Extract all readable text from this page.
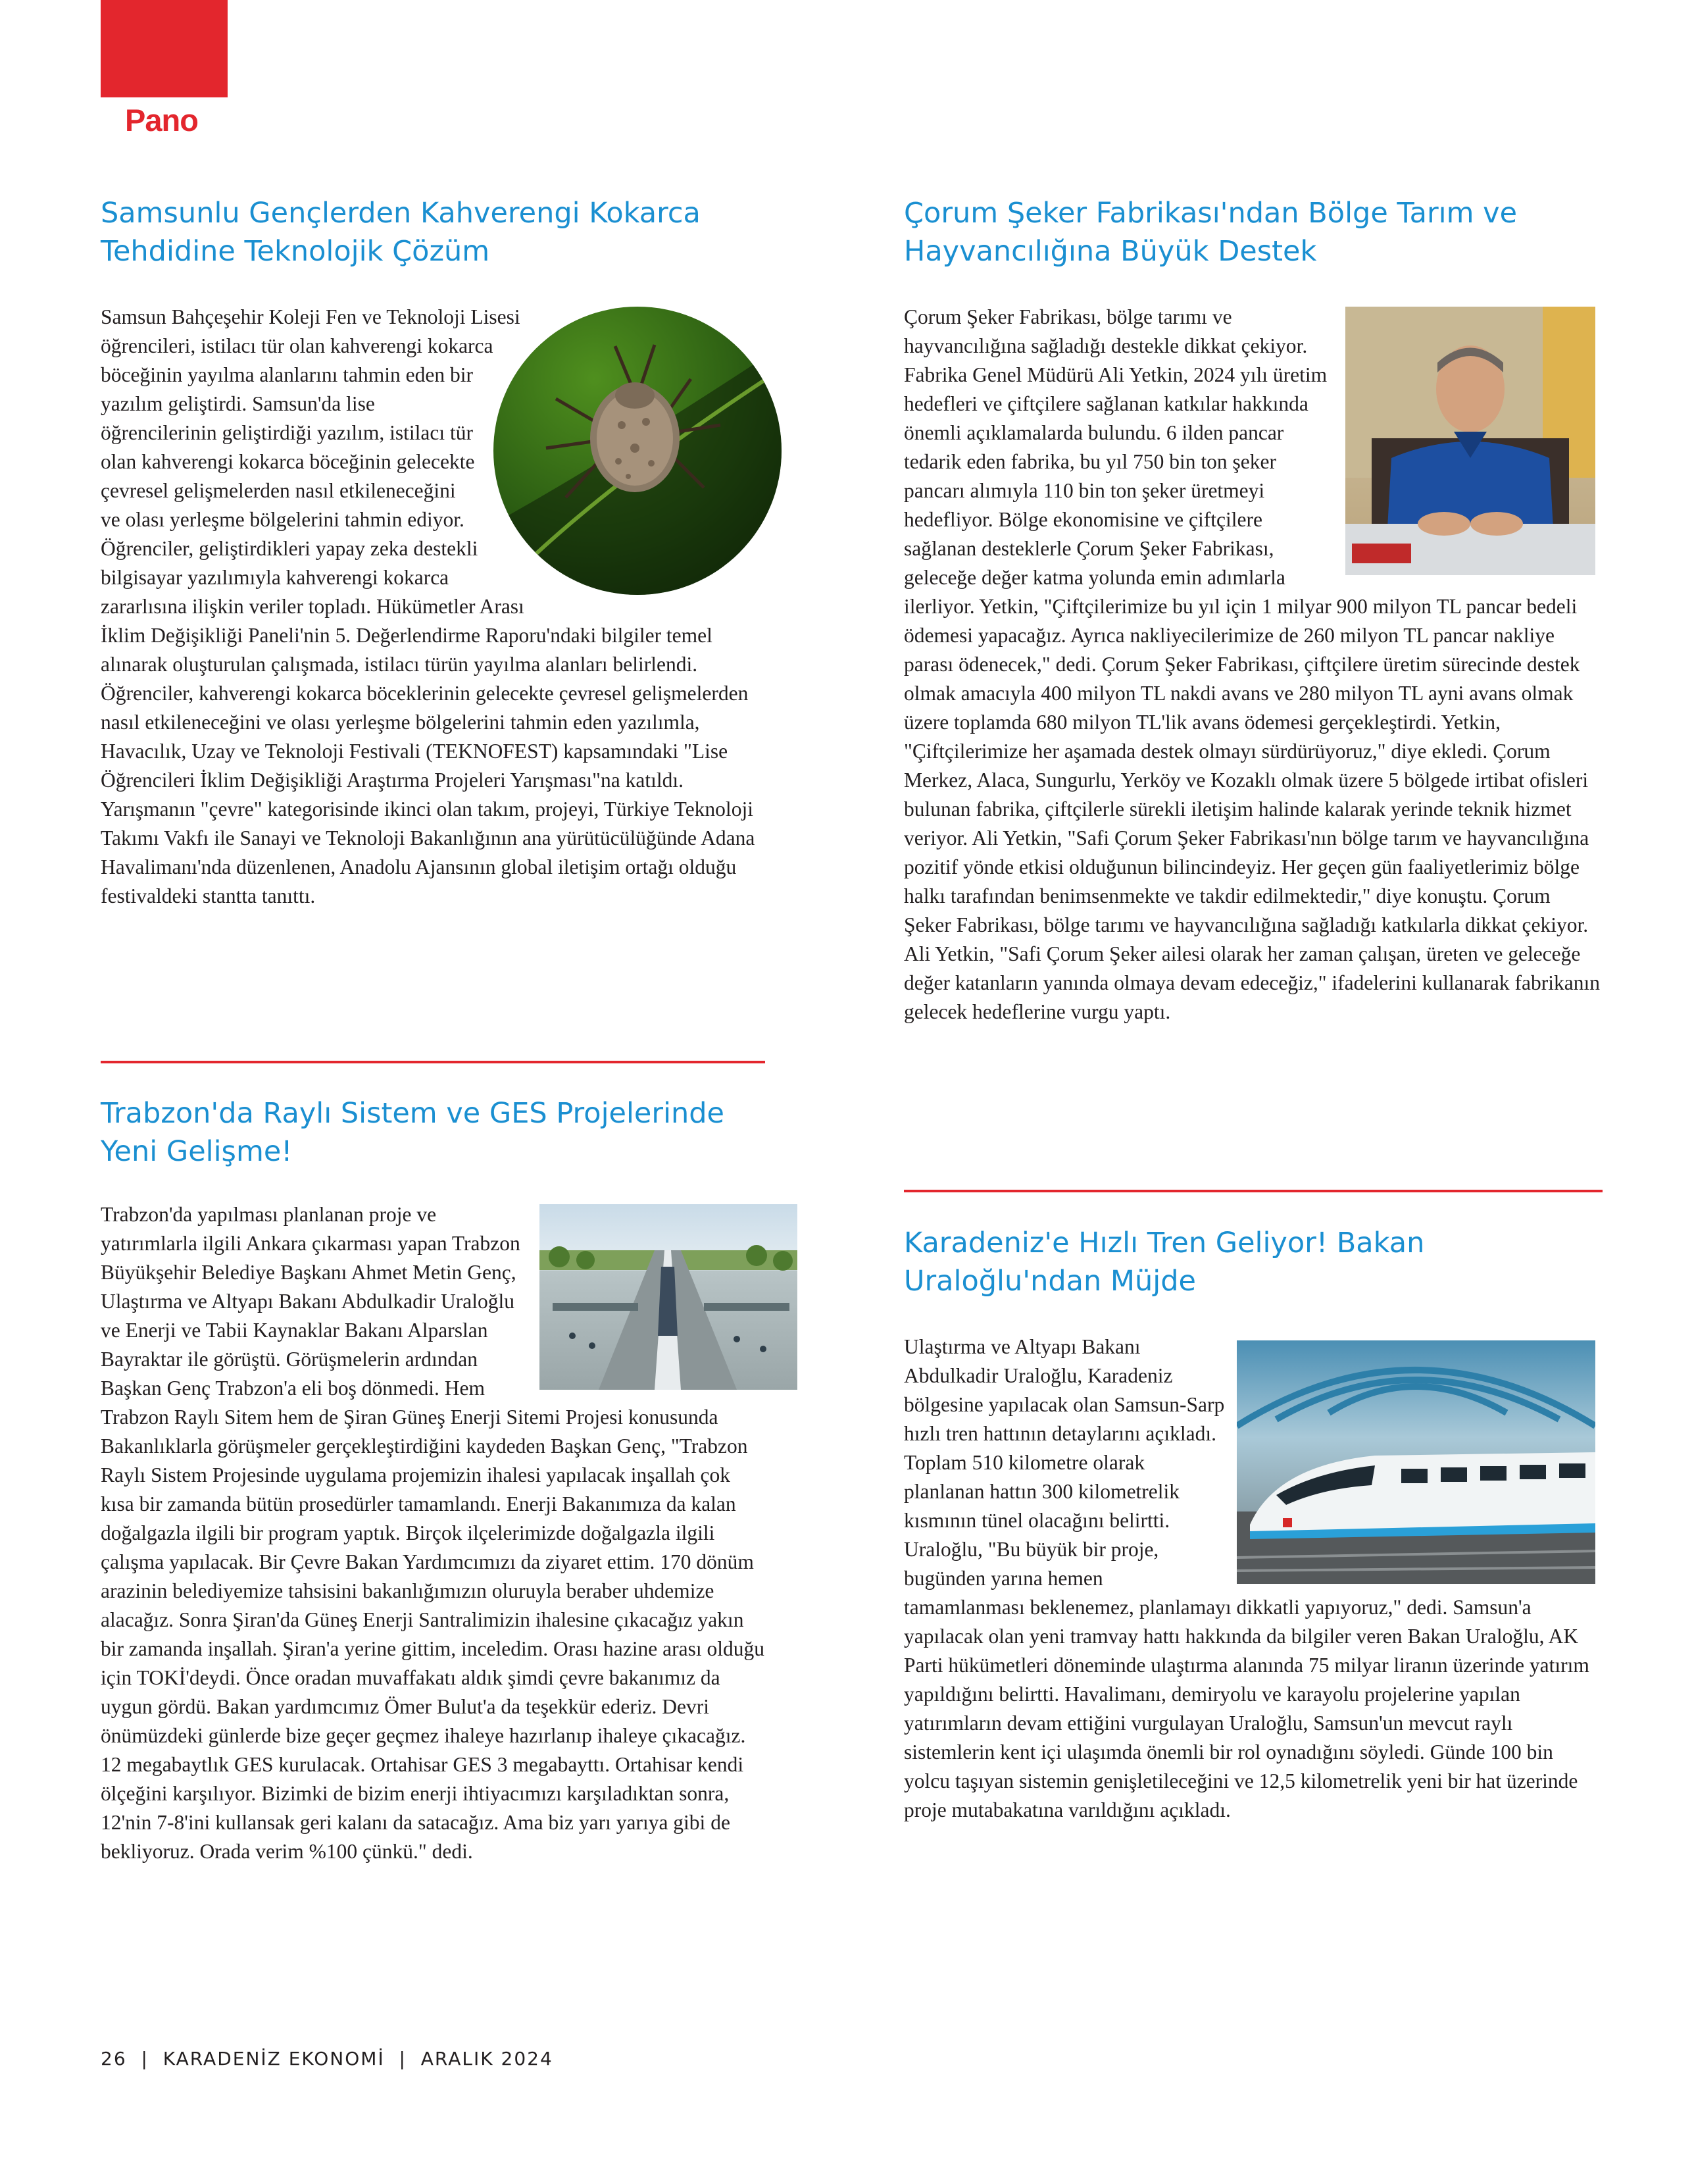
Pano
Samsunlu Gençlerden Kahverengi Kokarca Tehdidine Teknolojik Çözüm

Samsun Bahçeşehir Koleji Fen ve Teknoloji Lisesi öğrencileri, istilacı tür olan kahverengi kokarca böceğinin yayılma alanlarını tahmin eden bir yazılım geliştirdi. Samsun'da lise öğrencilerinin geliştirdiği yazılım, istilacı tür olan kahverengi kokarca böceğinin gelecekte çevresel gelişmelerden nasıl etkileneceğini ve olası yerleşme bölgelerini tahmin ediyor. Öğrenciler, geliştirdikleri yapay zeka destekli bilgisayar yazılımıyla kahverengi kokarca zararlısına ilişkin veriler topladı. Hükümetler Arası İklim Değişikliği Paneli'nin 5. Değerlendirme Raporu'ndaki bilgiler temel alınarak oluşturulan çalışmada, istilacı türün yayılma alanları belirlendi. Öğrenciler, kahverengi kokarca böceklerinin gelecekte çevresel gelişmelerden nasıl etkileneceğini ve olası yerleşme bölgelerini tahmin eden yazılımla, Havacılık, Uzay ve Teknoloji Festivali (TEKNOFEST) kapsamındaki "Lise Öğrencileri İklim Değişikliği Araştırma Projeleri Yarışması"na katıldı. Yarışmanın "çevre" kategorisinde ikinci olan takım, projeyi, Türkiye Teknoloji Takımı Vakfı ile Sanayi ve Teknoloji Bakanlığının ana yürütücülüğünde Adana Havalimanı'nda düzenlenen, Anadolu Ajansının global iletişim ortağı olduğu festivaldeki stantta tanıttı.

Trabzon'da Raylı Sistem ve GES Projelerinde Yeni Gelişme!

Trabzon'da yapılması planlanan proje ve yatırımlarla ilgili Ankara çıkarması yapan Trabzon Büyükşehir Belediye Başkanı Ahmet Metin Genç, Ulaştırma ve Altyapı Bakanı Abdulkadir Uraloğlu ve Enerji ve Tabii Kaynaklar Bakanı Alparslan Bayraktar ile görüştü. Görüşmelerin ardından Başkan Genç Trabzon'a eli boş dönmedi. Hem Trabzon Raylı Sitem hem de Şiran Güneş Enerji Sitemi Projesi konusunda Bakanlıklarla görüşmeler gerçekleştirdiğini kaydeden Başkan Genç, "Trabzon Raylı Sistem Projesinde uygulama projemizin ihalesi yapılacak inşallah çok kısa bir zamanda bütün prosedürler tamamlandı. Enerji Bakanımıza da kalan doğalgazla ilgili bir program yaptık. Birçok ilçelerimizde doğalgazla ilgili çalışma yapılacak. Bir Çevre Bakan Yardımcımızı da ziyaret ettim. 170 dönüm arazinin belediyemize tahsisini bakanlığımızın oluruyla beraber uhdemize alacağız. Sonra Şiran'da Güneş Enerji Santralimizin ihalesine çıkacağız yakın bir zamanda inşallah. Şiran'a yerine gittim, inceledim. Orası hazine arası olduğu için TOKİ'deydi. Önce oradan muvaffakatı aldık şimdi çevre bakanımız da uygun gördü. Bakan yardımcımız Ömer Bulut'a da teşekkür ederiz. Devri önümüzdeki günlerde bize geçer geçmez ihaleye hazırlanıp ihaleye çıkacağız. 12 megabaytlık GES kurulacak. Ortahisar GES 3 megabayttı. Ortahisar kendi ölçeğini karşılıyor. Bizimki de bizim enerji ihtiyacımızı karşıladıktan sonra, 12'nin 7-8'ini kullansak geri kalanı da satacağız. Ama biz yarı yarıya gibi de bekliyoruz. Orada verim %100 çünkü." dedi.

Çorum Şeker Fabrikası'ndan Bölge Tarım ve Hayvancılığına Büyük Destek

Çorum Şeker Fabrikası, bölge tarımı ve hayvancılığına sağladığı destekle dikkat çekiyor. Fabrika Genel Müdürü Ali Yetkin, 2024 yılı üretim hedefleri ve çiftçilere sağlanan katkılar hakkında önemli açıklamalarda bulundu. 6 ilden pancar tedarik eden fabrika, bu yıl 750 bin ton şeker pancarı alımıyla 110 bin ton şeker üretmeyi hedefliyor. Bölge ekonomisine ve çiftçilere sağlanan desteklerle Çorum Şeker Fabrikası, geleceğe değer katma yolunda emin adımlarla ilerliyor. Yetkin, "Çiftçilerimize bu yıl için 1 milyar 900 milyon TL pancar bedeli ödemesi yapacağız. Ayrıca nakliyecilerimize de 260 milyon TL pancar nakliye parası ödenecek," dedi. Çorum Şeker Fabrikası, çiftçilere üretim sürecinde destek olmak amacıyla 400 milyon TL nakdi avans ve 280 milyon TL ayni avans olmak üzere toplamda 680 milyon TL'lik avans ödemesi gerçekleştirdi. Yetkin, "Çiftçilerimize her aşamada destek olmayı sürdürüyoruz," diye ekledi. Çorum Merkez, Alaca, Sungurlu, Yerköy ve Kozaklı olmak üzere 5 bölgede irtibat ofisleri bulunan fabrika, çiftçilerle sürekli iletişim halinde kalarak yerinde teknik hizmet veriyor. Ali Yetkin, "Safi Çorum Şeker Fabrikası'nın bölge tarım ve hayvancılığına pozitif yönde etkisi olduğunun bilincindeyiz. Her geçen gün faaliyetlerimiz bölge halkı tarafından benimsenmekte ve takdir edilmektedir," diye konuştu. Çorum Şeker Fabrikası, bölge tarımı ve hayvancılığına sağladığı katkılarla dikkat çekiyor. Ali Yetkin, "Safi Çorum Şeker ailesi olarak her zaman çalışan, üreten ve geleceğe değer katanların yanında olmaya devam edeceğiz," ifadelerini kullanarak fabrikanın gelecek hedeflerine vurgu yaptı.

Karadeniz'e Hızlı Tren Geliyor! Bakan Uraloğlu'ndan Müjde

Ulaştırma ve Altyapı Bakanı Abdulkadir Uraloğlu, Karadeniz bölgesine yapılacak olan Samsun-Sarp hızlı tren hattının detaylarını açıkladı. Toplam 510 kilometre olarak planlanan hattın 300 kilometrelik kısmının tünel olacağını belirtti. Uraloğlu, "Bu büyük bir proje, bugünden yarına hemen tamamlanması beklenemez, planlamayı dikkatli yapıyoruz," dedi. Samsun'a yapılacak olan yeni tramvay hattı hakkında da bilgiler veren Bakan Uraloğlu, AK Parti hükümetleri döneminde ulaştırma alanında 75 milyar liranın üzerinde yatırım yapıldığını belirtti. Havalimanı, demiryolu ve karayolu projelerine yapılan yatırımların devam ettiğini vurgulayan Uraloğlu, Samsun'un mevcut raylı sistemlerin kent içi ulaşımda önemli bir rol oynadığını söyledi. Günde 100 bin yolcu taşıyan sistemin genişletileceğini ve 12,5 kilometrelik yeni bir hat üzerinde proje mutabakatına varıldığını açıkladı.

26 | KARADENİZ EKONOMİ | ARALIK 2024
